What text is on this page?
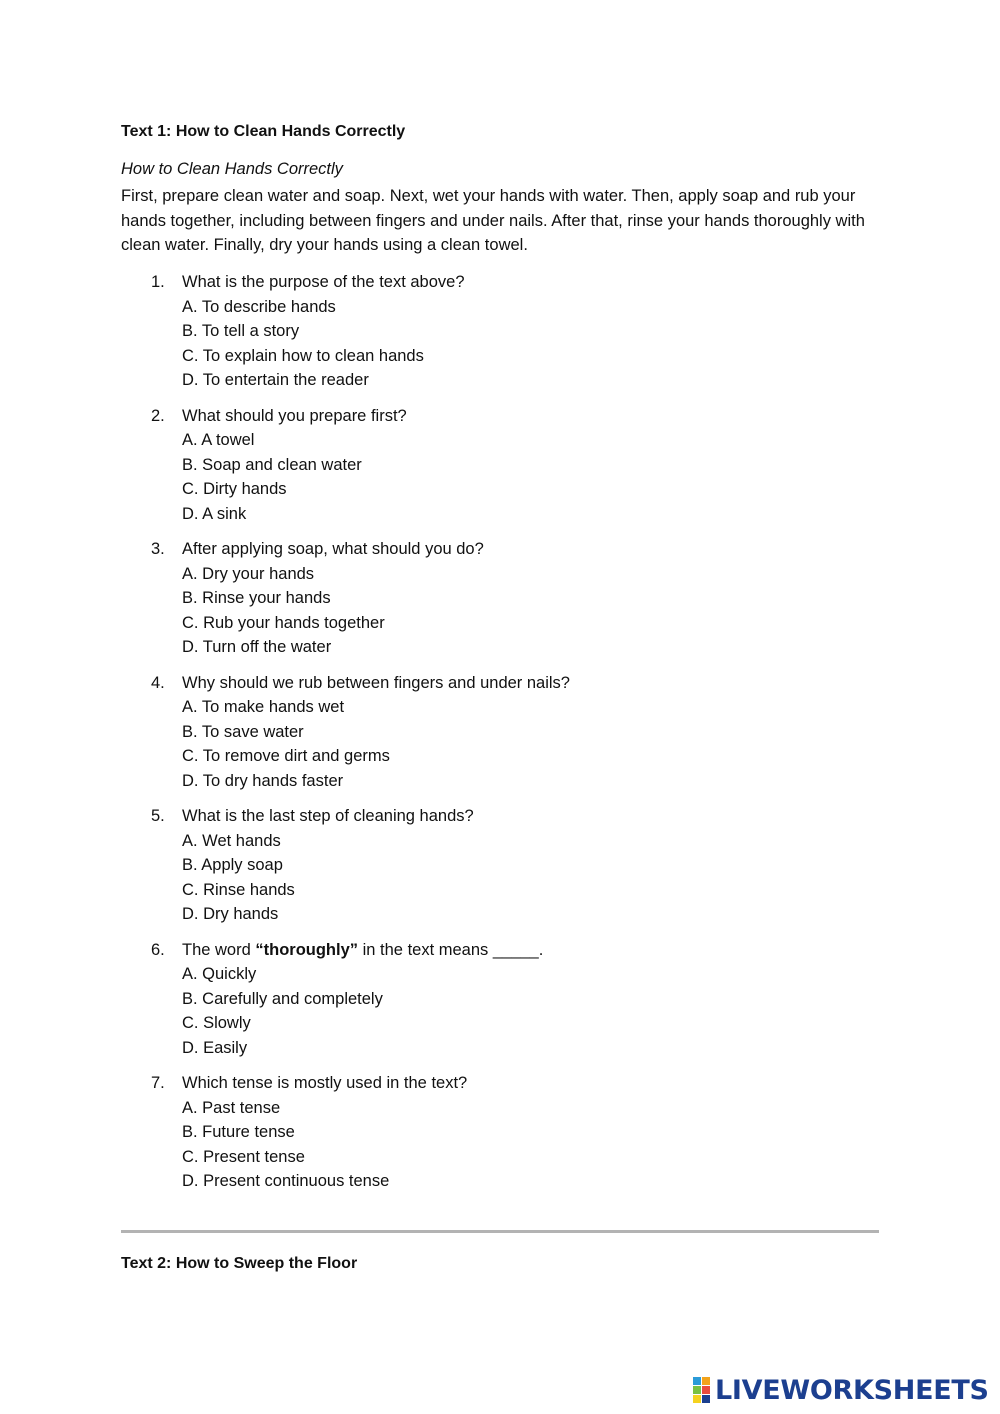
Text 1: How to Clean Hands Correctly
How to Clean Hands Correctly

First, prepare clean water and soap. Next, wet your hands with water. Then, apply soap and rub your hands together, including between fingers and under nails. After that, rinse your hands thoroughly with clean water. Finally, dry your hands using a clean towel.

1. What is the purpose of the text above?
A. To describe hands
B. To tell a story
C. To explain how to clean hands
D. To entertain the reader
2. What should you prepare first?
A. A towel
B. Soap and clean water
C. Dirty hands
D. A sink
3. After applying soap, what should you do?
A. Dry your hands
B. Rinse your hands
C. Rub your hands together
D. Turn off the water
4. Why should we rub between fingers and under nails?
A. To make hands wet
B. To save water
C. To remove dirt and germs
D. To dry hands faster
5. What is the last step of cleaning hands?
A. Wet hands
B. Apply soap
C. Rinse hands
D. Dry hands
6. The word “thoroughly” in the text means _____.
A. Quickly
B. Carefully and completely
C. Slowly
D. Easily
7. Which tense is mostly used in the text?
A. Past tense
B. Future tense
C. Present tense
D. Present continuous tense
Text 2: How to Sweep the Floor
LIVEWORKSHEETS
